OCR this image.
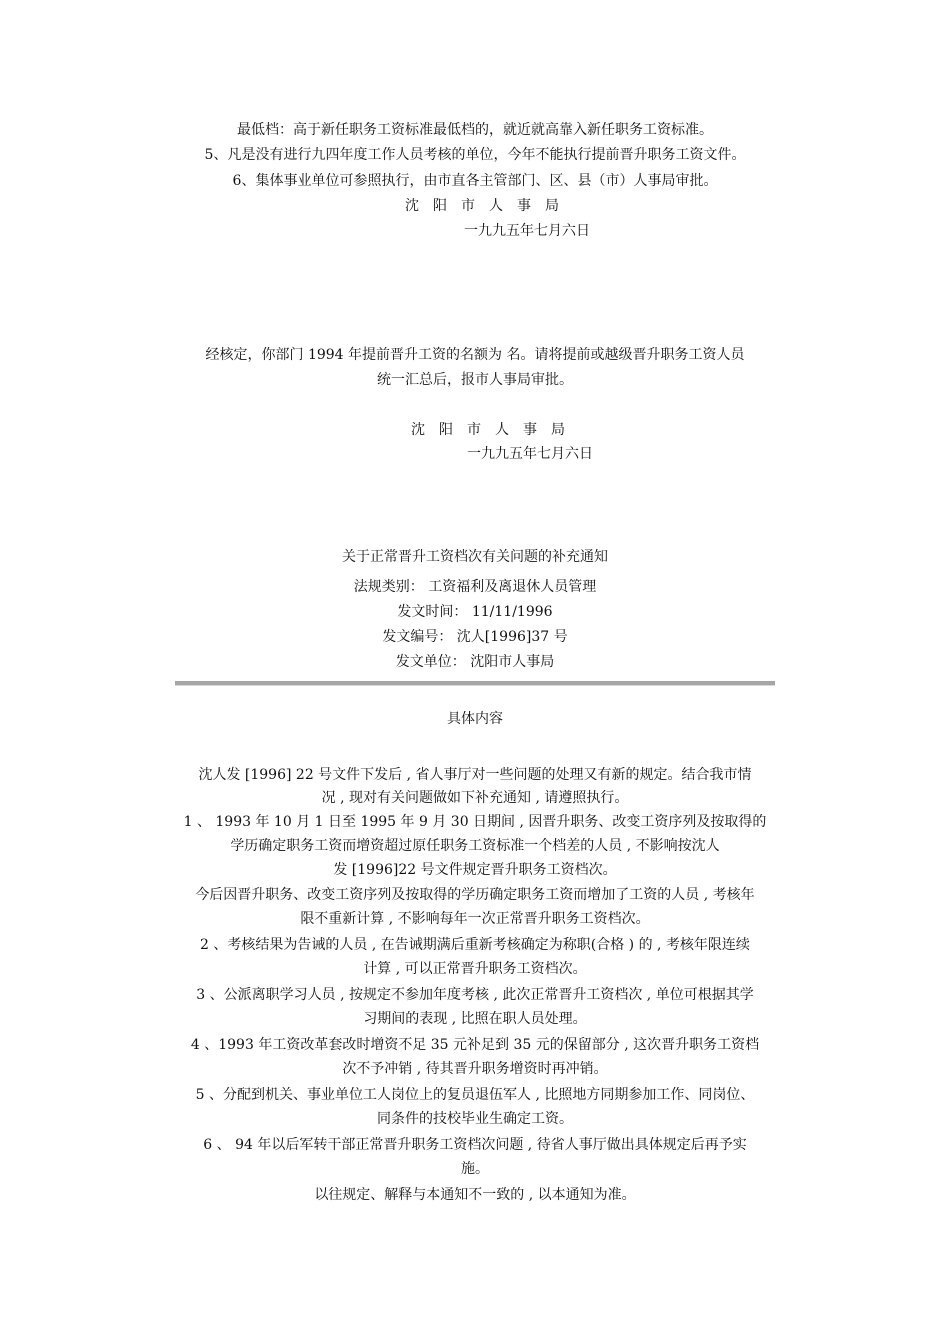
最低档：高于新任职务工资标准最低档的，就近就高靠入新任职务工资标准。
5、凡是没有进行九四年度工作人员考核的单位，今年不能执行提前晋升职务工资文件。
6、集体事业单位可参照执行，由市直各主管部门、区、县（市）人事局审批。
沈阳市人事局
一九九五年七月六日
经核定，你部门 1994 年提前晋升工资的名额为 名。请将提前或越级晋升职务工资人员
统一汇总后，报市人事局审批。
沈阳市人事局
一九九五年七月六日
关于正常晋升工资档次有关问题的补充通知
法规类别： 工资福利及离退休人员管理
发文时间： 11/11/1996
发文编号： 沈人[1996]37 号
发文单位： 沈阳市人事局
具体内容
沈人发 [1996] 22 号文件下发后 , 省人事厅对一些问题的处理又有新的规定。结合我市情
况 , 现对有关问题做如下补充通知 , 请遵照执行。
1 、 1993 年 10 月 1 日至 1995 年 9 月 30 日期间 , 因晋升职务、改变工资序列及按取得的
学历确定职务工资而增资超过原任职务工资标准一个档差的人员 , 不影响按沈人
发 [1996]22 号文件规定晋升职务工资档次。
今后因晋升职务、改变工资序列及按取得的学历确定职务工资而增加了工资的人员 , 考核年
限不重新计算 , 不影响每年一次正常晋升职务工资档次。
2 、考核结果为告诫的人员 , 在告诫期满后重新考核确定为称职(合格 ) 的 , 考核年限连续
计算 , 可以正常晋升职务工资档次。
3 、公派离职学习人员 , 按规定不参加年度考核 , 此次正常晋升工资档次 , 单位可根据其学
习期间的表现 , 比照在职人员处理。
4 、1993 年工资改革套改时增资不足 35 元补足到 35 元的保留部分 , 这次晋升职务工资档
次不予冲销 , 待其晋升职务增资时再冲销。
5 、分配到机关、事业单位工人岗位上的复员退伍军人 , 比照地方同期参加工作、同岗位、
同条件的技校毕业生确定工资。
6 、 94 年以后军转干部正常晋升职务工资档次问题 , 待省人事厅做出具体规定后再予实
施。
以往规定、解释与本通知不一致的 , 以本通知为准。
